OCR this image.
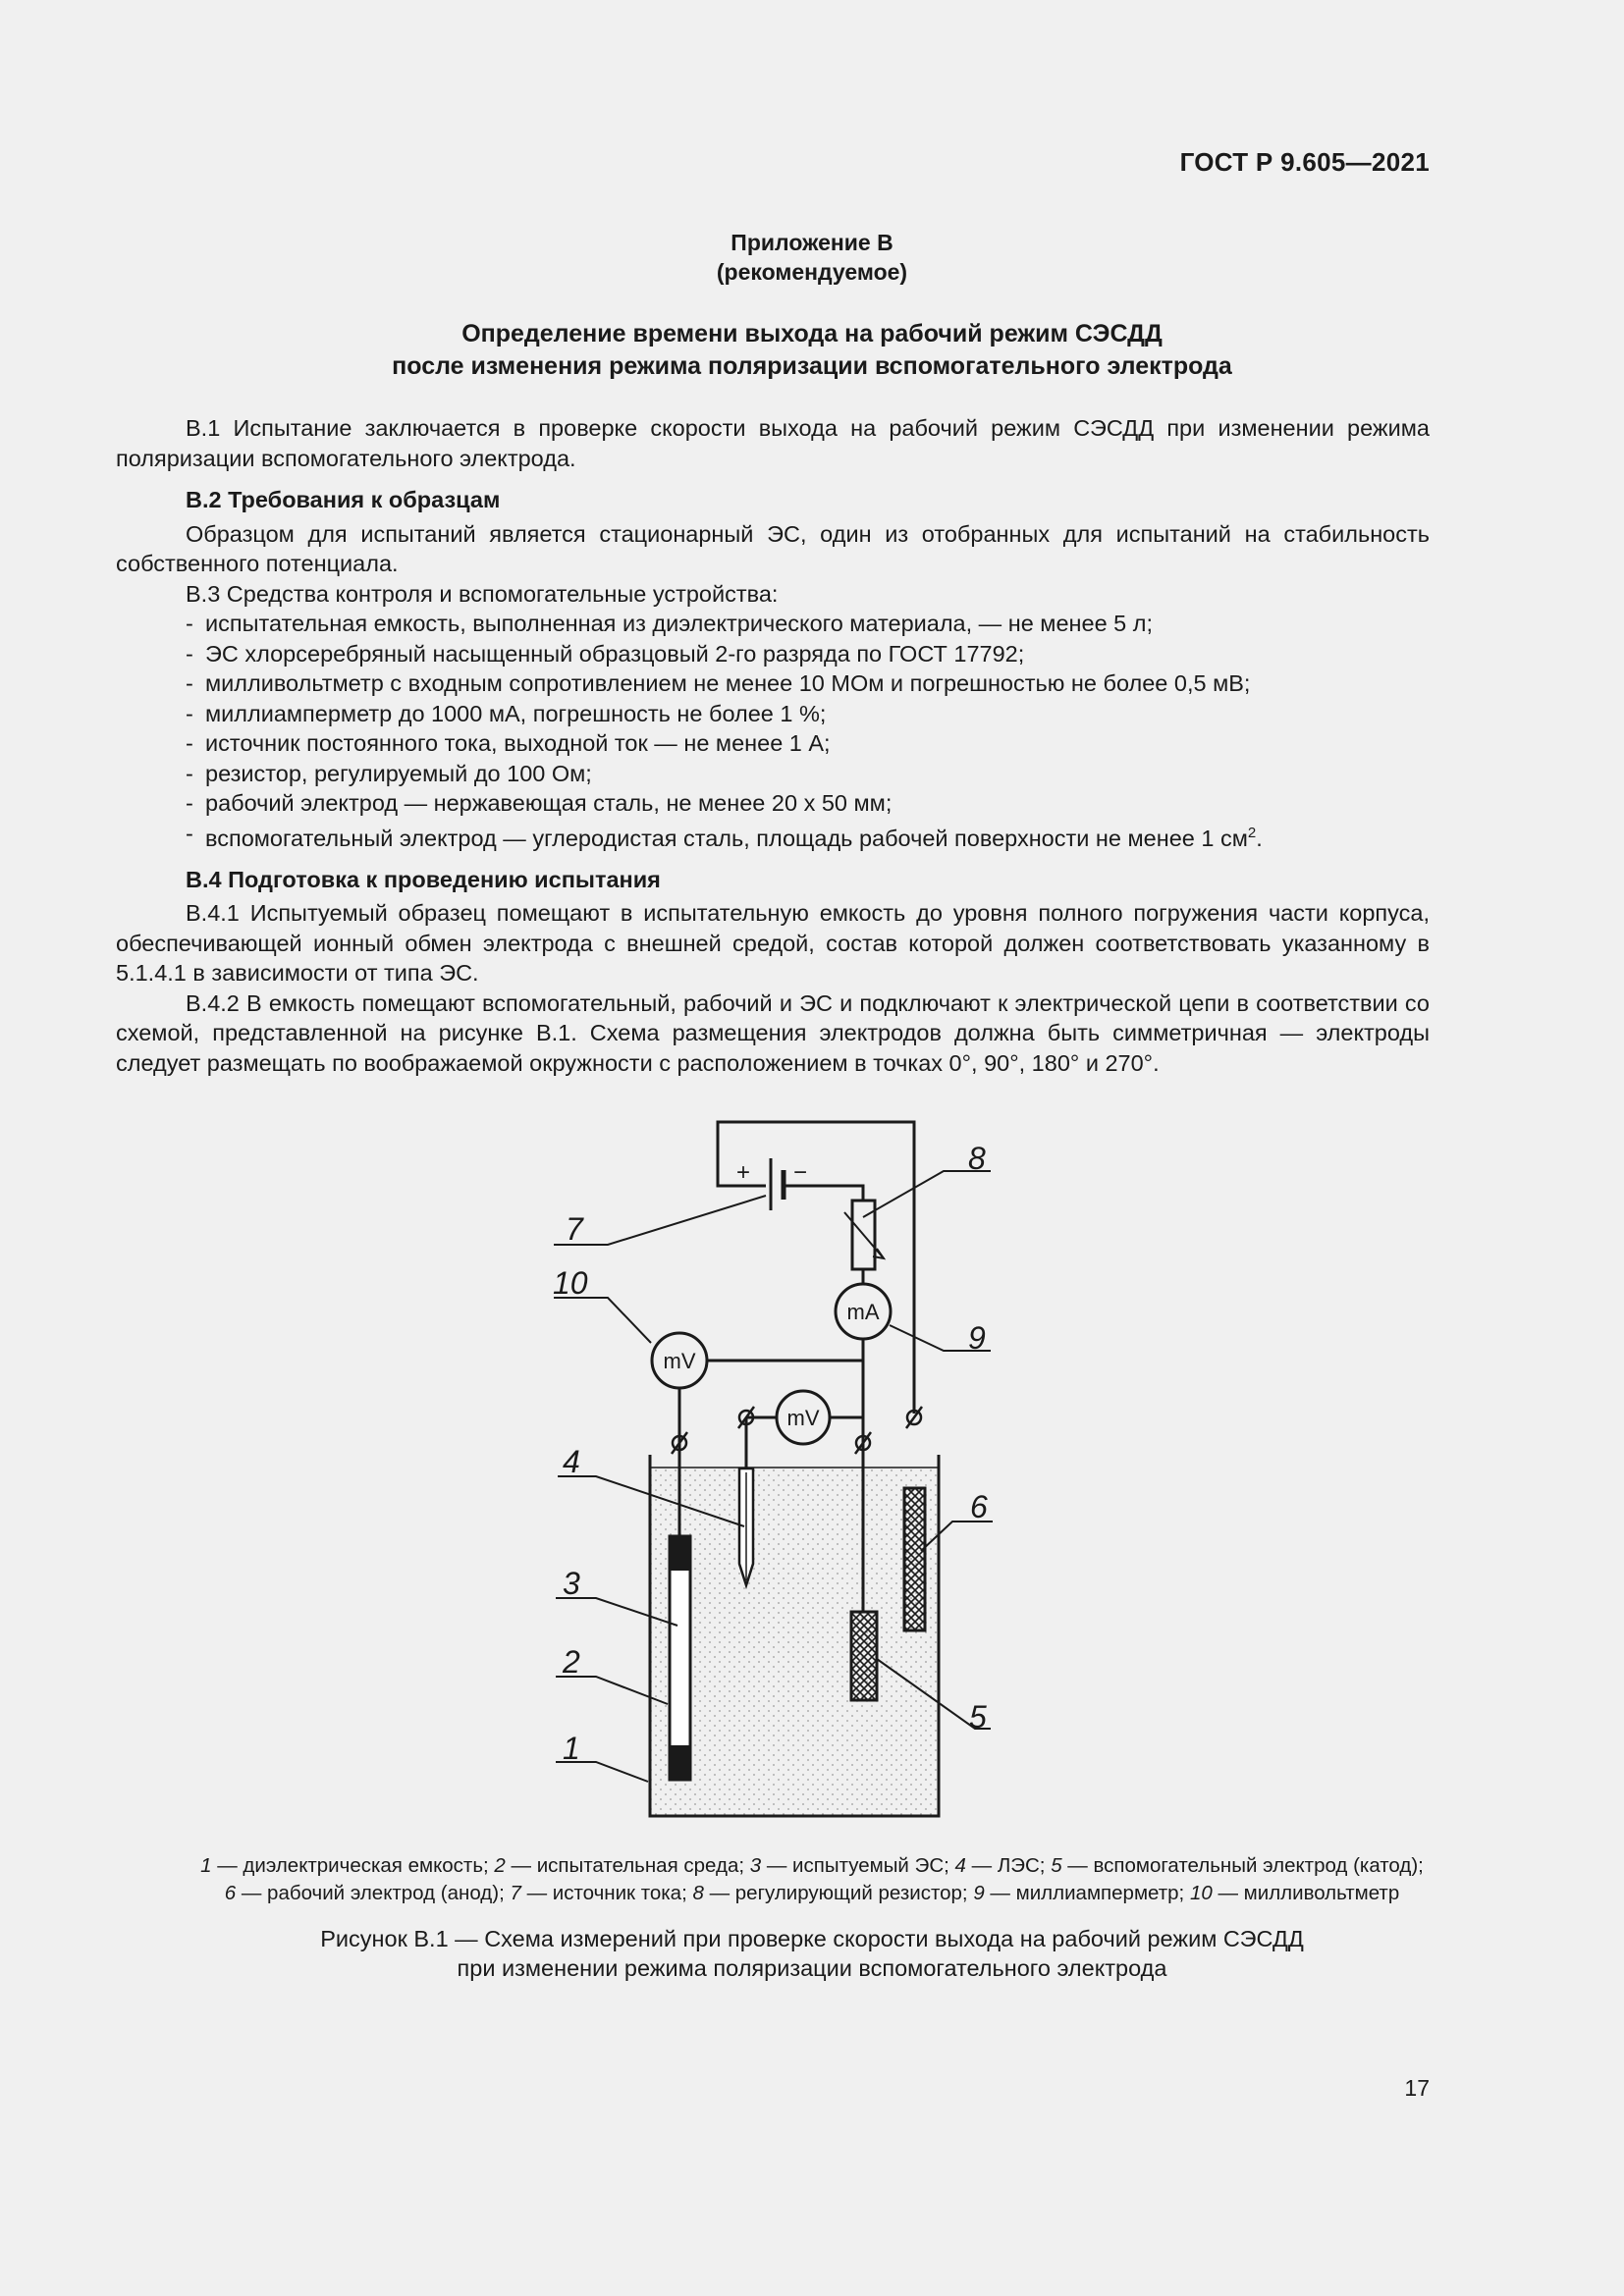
ГОСТ Р 9.605—2021
Приложение В
(рекомендуемое)
Определение времени выхода на рабочий режим СЭСДД
после изменения режима поляризации вспомогательного электрода

В.1 Испытание заключается в проверке скорости выхода на рабочий режим СЭСДД при изменении режима поляризации вспомогательного электрода.

В.2 Требования к образцам

Образцом для испытаний является стационарный ЭС, один из отобранных для испытаний на стабильность собственного потенциала.

В.3 Средства контроля и вспомогательные устройства:

- испытательная емкость, выполненная из диэлектрического материала, — не менее 5 л;
- ЭС хлорсеребряный насыщенный образцовый 2-го разряда по ГОСТ 17792;
- милливольтметр с входным сопротивлением не менее 10 МОм и погрешностью не более 0,5 мВ;
- миллиамперметр до 1000 мА, погрешность не более 1 %;
- источник постоянного тока, выходной ток — не менее 1 А;
- резистор, регулируемый до 100 Ом;
- рабочий электрод — нержавеющая сталь, не менее 20 х 50 мм;
- вспомогательный электрод — углеродистая сталь, площадь рабочей поверхности не менее 1 $см^2$.
В.4 Подготовка к проведению испытания

В.4.1 Испытуемый образец помещают в испытательную емкость до уровня полного погружения части корпуса, обеспечивающей ионный обмен электрода с внешней средой, состав которой должен соответствовать указанному в 5.1.4.1 в зависимости от типа ЭС.

В.4.2 В емкость помещают вспомогательный, рабочий и ЭС и подключают к электрической цепи в соответствии со схемой, представленной на рисунке В.1. Схема размещения электродов должна быть симметричная — электроды следует размещать по воображаемой окружности с расположением в точках 0°, 90°, 180° и 270°.

+ −
mA
mV
mV
1
2
3
4
5
6
7
8
9
10
1 — диэлектрическая емкость; 2 — испытательная среда; 3 — испытуемый ЭС; 4 — ЛЭС; 5 — вспомогательный электрод (катод);
6 — рабочий электрод (анод); 7 — источник тока; 8 — регулирующий резистор; 9 — миллиамперметр; 10 — милливольтметр
Рисунок В.1 — Схема измерений при проверке скорости выхода на рабочий режим СЭСДД
при изменении режима поляризации вспомогательного электрода
17
